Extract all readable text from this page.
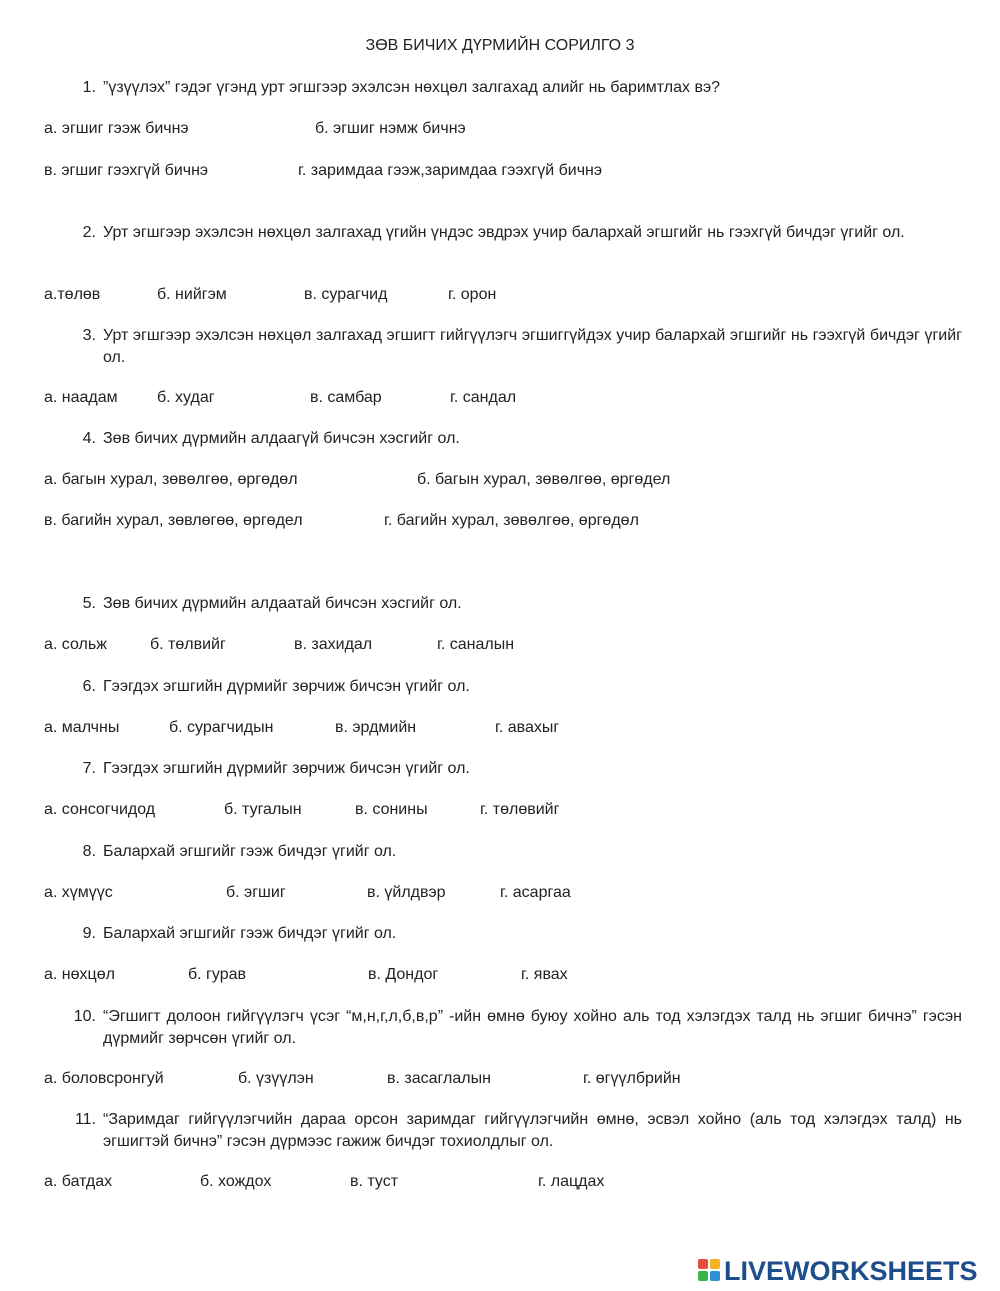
ЗӨВ БИЧИХ ДҮРМИЙН СОРИЛГО 3
1. ”үзүүлэх” гэдэг үгэнд урт эгшгээр эхэлсэн нөхцөл залгахад алийг нь баримтлах вэ?
а. эгшиг гээж бичнэ	б. эгшиг нэмж бичнэ
в. эгшиг гээхгүй бичнэ	г. заримдаа гээж,заримдаа гээхгүй бичнэ
2. Урт эгшгээр эхэлсэн нөхцөл залгахад үгийн үндэс эвдрэх учир балархай эгшгийг нь гээхгүй бичдэг үгийг ол.
а.төлөв	б. нийгэм	в. сурагчид	г. орон
3. Урт эгшгээр эхэлсэн нөхцөл залгахад эгшигт гийгүүлэгч эгшиггүйдэх учир балархай эгшгийг нь гээхгүй бичдэг үгийг ол.
а. наадам б. худаг	в. самбар	г. сандал
4. Зөв бичих дүрмийн алдаагүй бичсэн хэсгийг ол.
а. багын хурал, зөвөлгөө, өргөдөл	б. багын хурал, зөвөлгөө, өргөдел
в. багийн хурал, зөвлөгөө, өргөдел	г. багийн хурал, зөвөлгөө, өргөдөл
5. Зөв бичих дүрмийн алдаатай бичсэн хэсгийг ол.
а. сольж	б. төлвийг	в. захидал	г. саналын
6. Гээгдэх эгшгийн дүрмийг зөрчиж бичсэн үгийг ол.
а. малчны	б. сурагчидын	в. эрдмийн	г. авахыг
7. Гээгдэх эгшгийн дүрмийг зөрчиж бичсэн үгийг ол.
а. сонсогчидод	б. тугалын	в. сонины	г. төлөвийг
8. Балархай эгшгийг гээж бичдэг үгийг ол.
а. хүмүүс	б. эгшиг	в. үйлдвэр	г. асаргаа
9. Балархай эгшгийг гээж бичдэг үгийг ол.
а. нөхцөл	б. гурав	в. Дондог	г. явах
10. “Эгшигт долоон гийгүүлэгч үсэг “м,н,г,л,б,в,р” -ийн өмнө буюу хойно аль тод хэлэгдэх талд нь эгшиг бичнэ” гэсэн дүрмийг зөрчсөн үгийг ол.
а. боловсронгуй	б. үзүүлэн	в. засаглалын	г. өгүүлбрийн
11. “Заримдаг гийгүүлэгчийн дараа орсон заримдаг гийгүүлэгчийн өмнө, эсвэл хойно (аль тод хэлэгдэх талд) нь эгшигтэй бичнэ” гэсэн дүрмээс гажиж бичдэг тохиолдлыг ол.
а. батдах	б. хождох	в. туст	г. лацдах
LIVEWORKSHEETS
